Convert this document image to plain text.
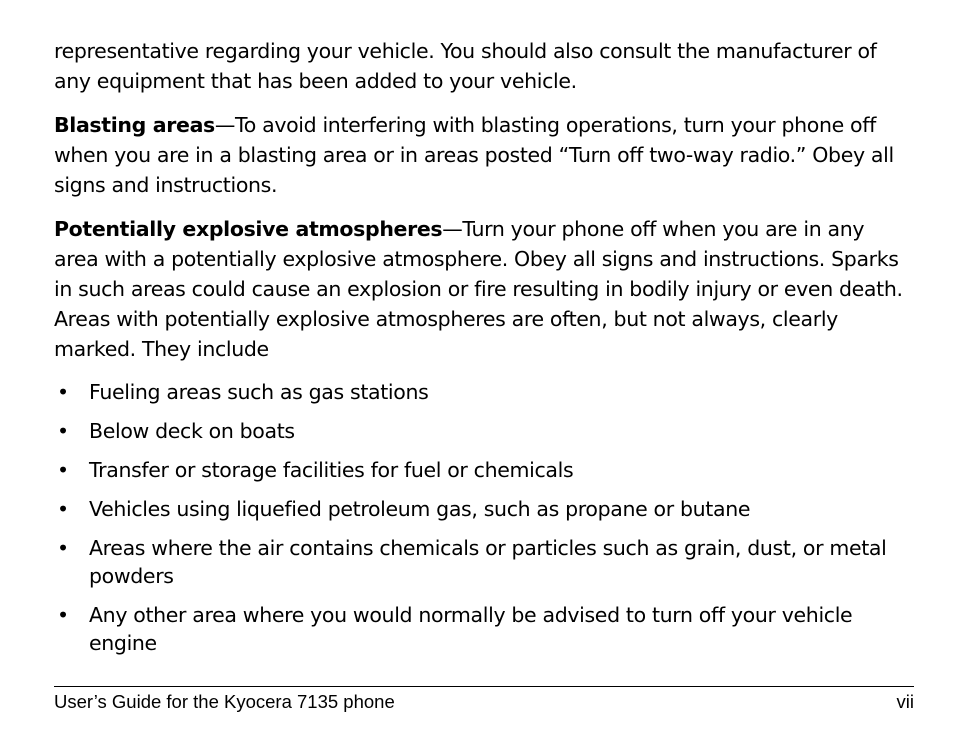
representative regarding your vehicle. You should also consult the manufacturer of any equipment that has been added to your vehicle.

Blasting areas—To avoid interfering with blasting operations, turn your phone off when you are in a blasting area or in areas posted “Turn off two-way radio.” Obey all signs and instructions.

Potentially explosive atmospheres—Turn your phone off when you are in any area with a potentially explosive atmosphere. Obey all signs and instructions. Sparks in such areas could cause an explosion or fire resulting in bodily injury or even death. Areas with potentially explosive atmospheres are often, but not always, clearly marked. They include

• Fueling areas such as gas stations
• Below deck on boats
• Transfer or storage facilities for fuel or chemicals
• Vehicles using liquefied petroleum gas, such as propane or butane
• Areas where the air contains chemicals or particles such as grain, dust, or metal powders
• Any other area where you would normally be advised to turn off your vehicle engine
User’s Guide for the Kyocera 7135 phone	vii
